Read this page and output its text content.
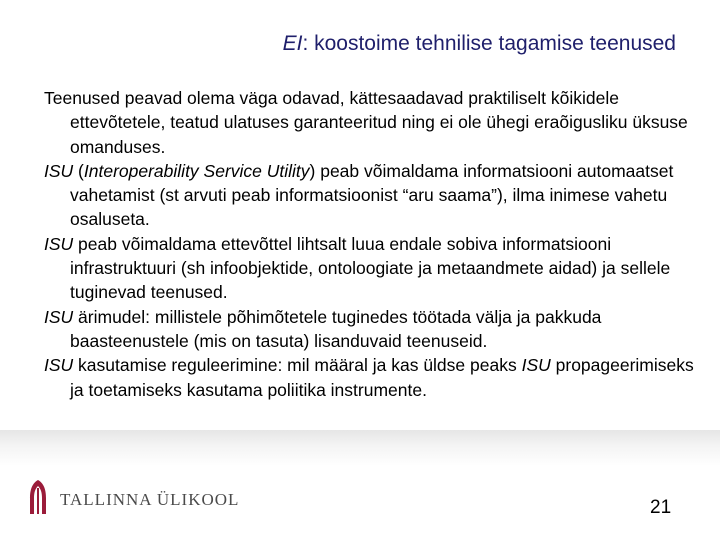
EI: koostoime tehnilise tagamise teenused

Teenused peavad olema väga odavad, kättesaadavad praktiliselt kõikidele ettevõtetele, teatud ulatuses garanteeritud ning ei ole ühegi eraõigusliku üksuse omanduses.

ISU (Interoperability Service Utility) peab võimaldama informatsiooni automaatset vahetamist (st arvuti peab informatsioonist “aru saama”), ilma inimese vahetu osaluseta.

ISU peab võimaldama ettevõttel lihtsalt luua endale sobiva informatsiooni infrastruktuuri (sh infoobjektide, ontoloogiate ja metaandmete aidad) ja sellele tuginevad teenused.

ISU ärimudel: millistele põhimõtetele tuginedes töötada välja ja pakkuda baasteenustele (mis on tasuta) lisanduvaid teenuseid.

ISU kasutamise reguleerimine: mil määral ja kas üldse peaks ISU propageerimiseks ja toetamiseks kasutama poliitika instrumente.

TALLINNA ÜLIKOOL	21
